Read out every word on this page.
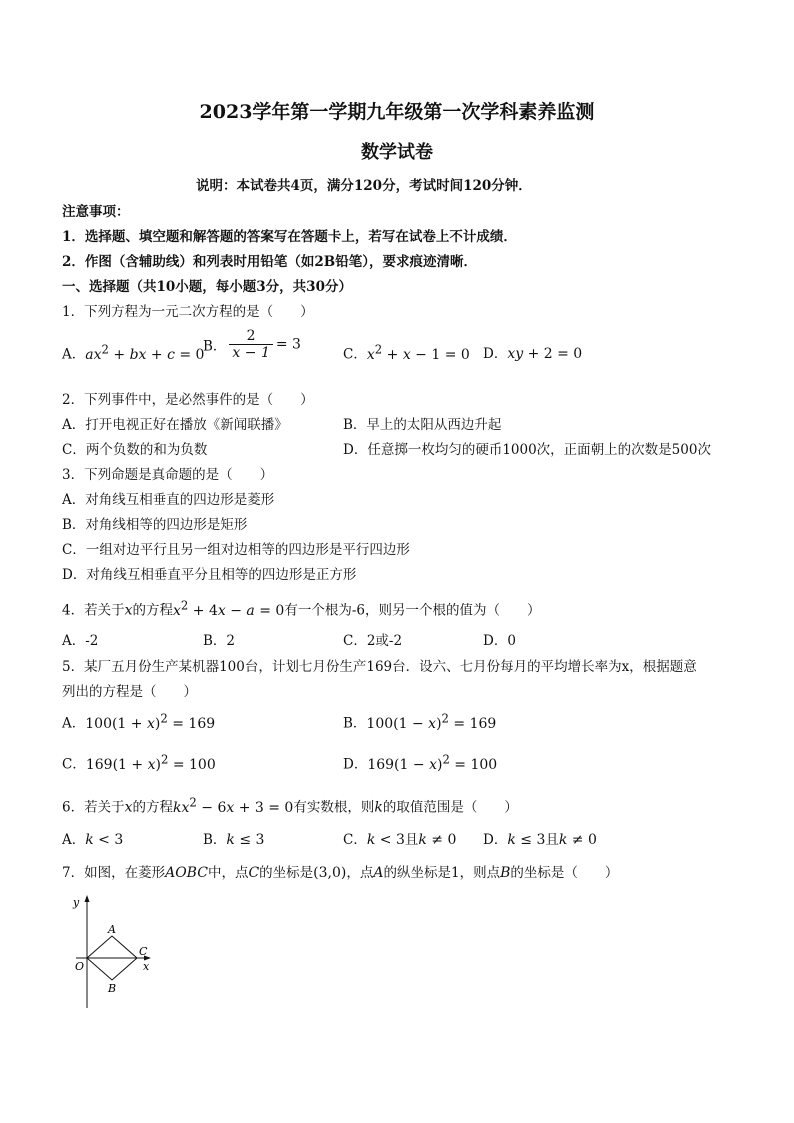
2023学年第一学期九年级第一次学科素养监测
数学试卷
说明：本试卷共4页，满分120分，考试时间120分钟．
注意事项：
1．选择题、填空题和解答题的答案写在答题卡上，若写在试卷上不计成绩．
2．作图（含辅助线）和列表时用铅笔（如2B铅笔），要求痕迹清晰．
一、选择题（共10小题，每小题3分，共30分）
1．下列方程为一元二次方程的是（　　）
A．$ax^2$ + bx + c = 0
B． $\frac{2}{x - 1} = 3$
C．$x^2 + x - 1 = 0$ D．xy + 2 = 0
2．下列事件中，是必然事件的是（　　）
A．打开电视正好在播放《新闻联播》	B．早上的太阳从西边升起
C．两个负数的和为负数	D．任意掷一枚均匀的硬币1000次，正面朝上的次数是500次
3．下列命题是真命题的是（　　）
A．对角线互相垂直的四边形是菱形
B．对角线相等的四边形是矩形
C．一组对边平行且另一组对边相等的四边形是平行四边形
D．对角线互相垂直平分且相等的四边形是正方形
4．若关于x的方程$x^2 + 4x - a = 0$有一个根为-6，则另一个根的值为（　　）
A．-2	B．2	C．2或-2	D．0
5．某厂五月份生产某机器100台，计划七月份生产169台．设六、七月份每月的平均增长率为x，根据题意
列出的方程是（　　）
A．$100(1 + x)^2 = 169$	B．$100(1 - x)^2 = 169$
C．$169(1 + x)^2 = 100$	D．$169(1 - x)^2 = 100$
6．若关于x的方程$kx^2 - 6x + 3 = 0$有实数根，则k的取值范围是（　　）
A．k < 3	B．k ≤ 3	C．k < 3且k ≠ 0 D．k ≤ 3且k ≠ 0
7．如图，在菱形AOBC中，点C的坐标是(3,0)，点A的纵坐标是1，则点B的坐标是（　　）
y
x
O
A
B
C
